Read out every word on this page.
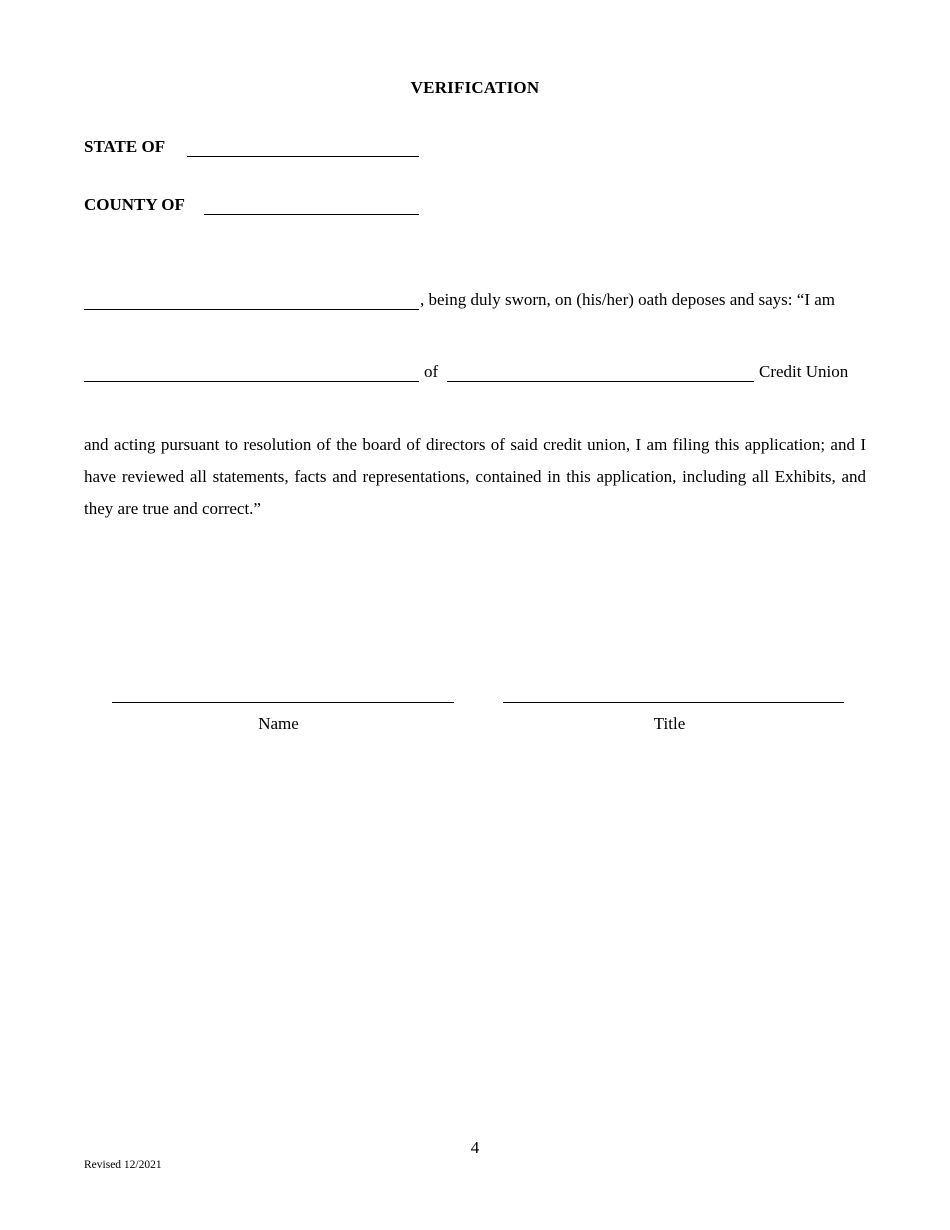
VERIFICATION
STATE OF
COUNTY OF
, being duly sworn, on (his/her) oath deposes and says: “I am
of	Credit Union
and acting pursuant to resolution of the board of directors of said credit union, I am filing this application; and I have reviewed all statements, facts and representations, contained in this application, including all Exhibits, and they are true and correct.”
Name	Title
4
Revised 12/2021
